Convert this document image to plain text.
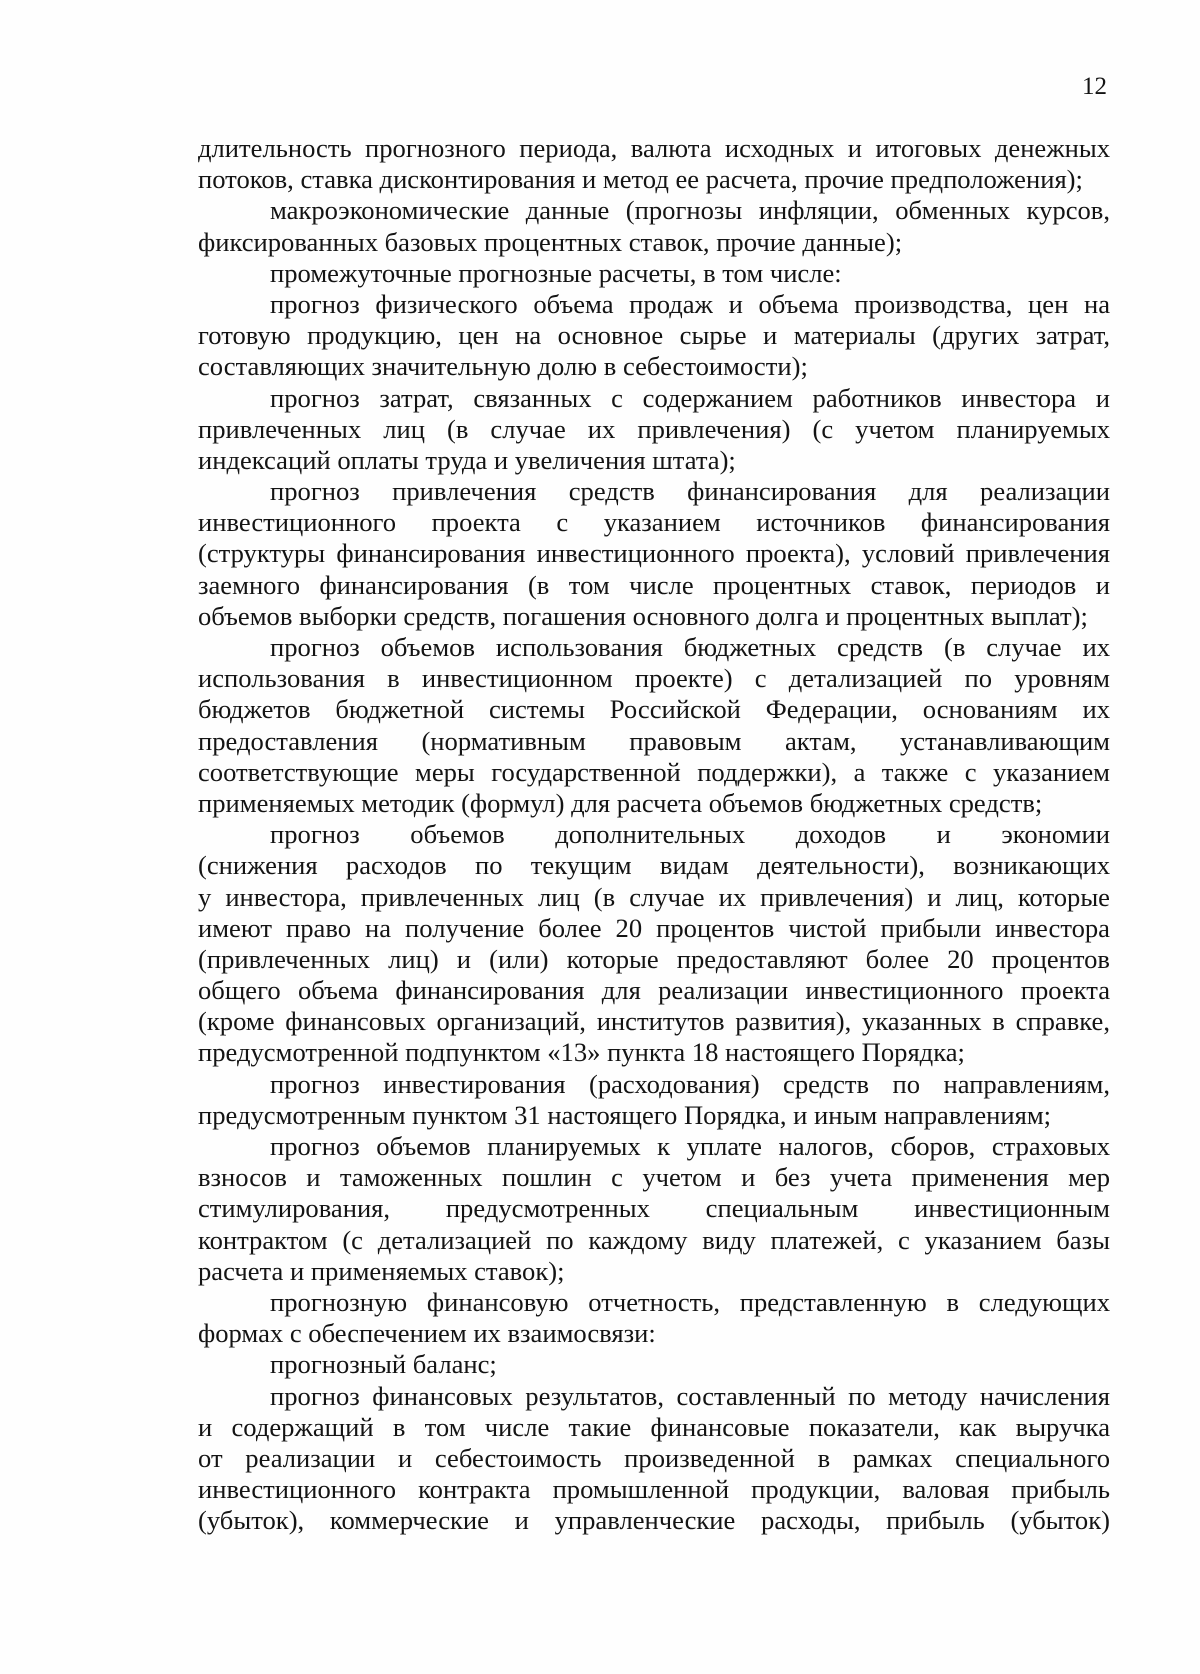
12
длительность прогнозного периода, валюта исходных и итоговых денежных
потоков, ставка дисконтирования и метод ее расчета, прочие предположения);
макроэкономические данные (прогнозы инфляции, обменных курсов,
фиксированных базовых процентных ставок, прочие данные);
промежуточные прогнозные расчеты, в том числе:
прогноз физического объема продаж и объема производства, цен на
готовую продукцию, цен на основное сырье и материалы (других затрат,
составляющих значительную долю в себестоимости);
прогноз затрат, связанных с содержанием работников инвестора и
привлеченных лиц (в случае их привлечения) (с учетом планируемых
индексаций оплаты труда и увеличения штата);
прогноз привлечения средств финансирования для реализации
инвестиционного проекта с указанием источников финансирования
(структуры финансирования инвестиционного проекта), условий привлечения
заемного финансирования (в том числе процентных ставок, периодов и
объемов выборки средств, погашения основного долга и процентных выплат);
прогноз объемов использования бюджетных средств (в случае их
использования в инвестиционном проекте) с детализацией по уровням
бюджетов бюджетной системы Российской Федерации, основаниям их
предоставления (нормативным правовым актам, устанавливающим
соответствующие меры государственной поддержки), а также с указанием
применяемых методик (формул) для расчета объемов бюджетных средств;
прогноз объемов дополнительных доходов и экономии
(снижения расходов по текущим видам деятельности), возникающих
у инвестора, привлеченных лиц (в случае их привлечения) и лиц, которые
имеют право на получение более 20 процентов чистой прибыли инвестора
(привлеченных лиц) и (или) которые предоставляют более 20 процентов
общего объема финансирования для реализации инвестиционного проекта
(кроме финансовых организаций, институтов развития), указанных в справке,
предусмотренной подпунктом «13» пункта 18 настоящего Порядка;
прогноз инвестирования (расходования) средств по направлениям,
предусмотренным пунктом 31 настоящего Порядка, и иным направлениям;
прогноз объемов планируемых к уплате налогов, сборов, страховых
взносов и таможенных пошлин с учетом и без учета применения мер
стимулирования, предусмотренных специальным инвестиционным
контрактом (с детализацией по каждому виду платежей, с указанием базы
расчета и применяемых ставок);
прогнозную финансовую отчетность, представленную в следующих
формах с обеспечением их взаимосвязи:
прогнозный баланс;
прогноз финансовых результатов, составленный по методу начисления
и содержащий в том числе такие финансовые показатели, как выручка
от реализации и себестоимость произведенной в рамках специального
инвестиционного контракта промышленной продукции, валовая прибыль
(убыток), коммерческие и управленческие расходы, прибыль (убыток)
